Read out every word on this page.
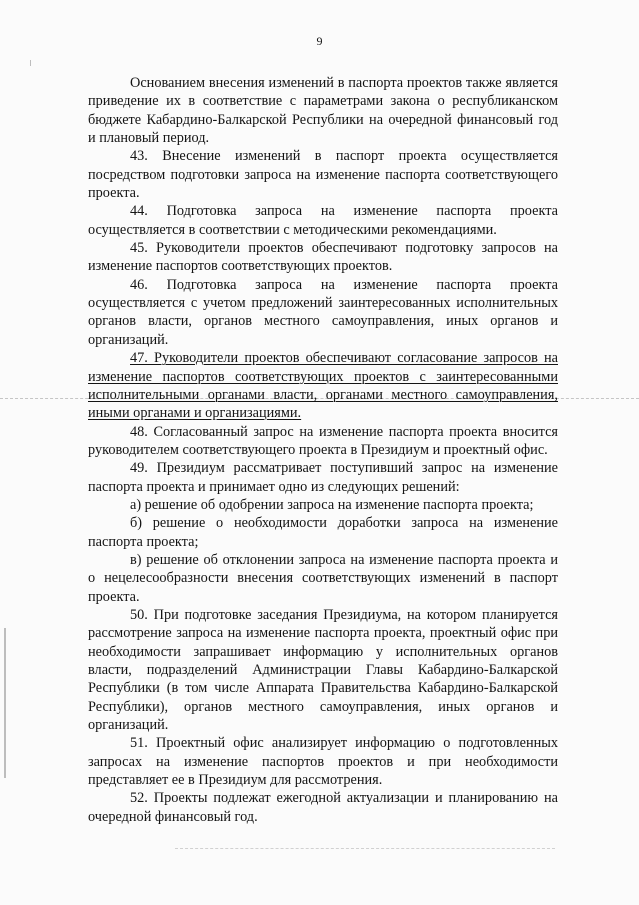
9

Основанием внесения изменений в паспорта проектов также является приведение их в соответствие с параметрами закона о республиканском бюджете Кабардино-Балкарской Республики на очередной финансовый год и плановый период.

43. Внесение изменений в паспорт проекта осуществляется посредством подготовки запроса на изменение паспорта соответствующего проекта.

44. Подготовка запроса на изменение паспорта проекта осуществляется в соответствии с методическими рекомендациями.

45. Руководители проектов обеспечивают подготовку запросов на изменение паспортов соответствующих проектов.

46. Подготовка запроса на изменение паспорта проекта осуществляется с учетом предложений заинтересованных исполнительных органов власти, органов местного самоуправления, иных органов и организаций.

47. Руководители проектов обеспечивают согласование запросов на изменение паспортов соответствующих проектов с заинтересованными исполнительными органами власти, органами местного самоуправления, иными органами и организациями.

48. Согласованный запрос на изменение паспорта проекта вносится руководителем соответствующего проекта в Президиум и проектный офис.

49. Президиум рассматривает поступивший запрос на изменение паспорта проекта и принимает одно из следующих решений:

а) решение об одобрении запроса на изменение паспорта проекта;

б) решение о необходимости доработки запроса на изменение паспорта проекта;

в) решение об отклонении запроса на изменение паспорта проекта и о нецелесообразности внесения соответствующих изменений в паспорт проекта.

50. При подготовке заседания Президиума, на котором планируется рассмотрение запроса на изменение паспорта проекта, проектный офис при необходимости запрашивает информацию у исполнительных органов власти, подразделений Администрации Главы Кабардино-Балкарской Республики (в том числе Аппарата Правительства Кабардино-Балкарской Республики), органов местного самоуправления, иных органов и организаций.

51. Проектный офис анализирует информацию о подготовленных запросах на изменение паспортов проектов и при необходимости представляет ее в Президиум для рассмотрения.

52. Проекты подлежат ежегодной актуализации и планированию на очередной финансовый год.
